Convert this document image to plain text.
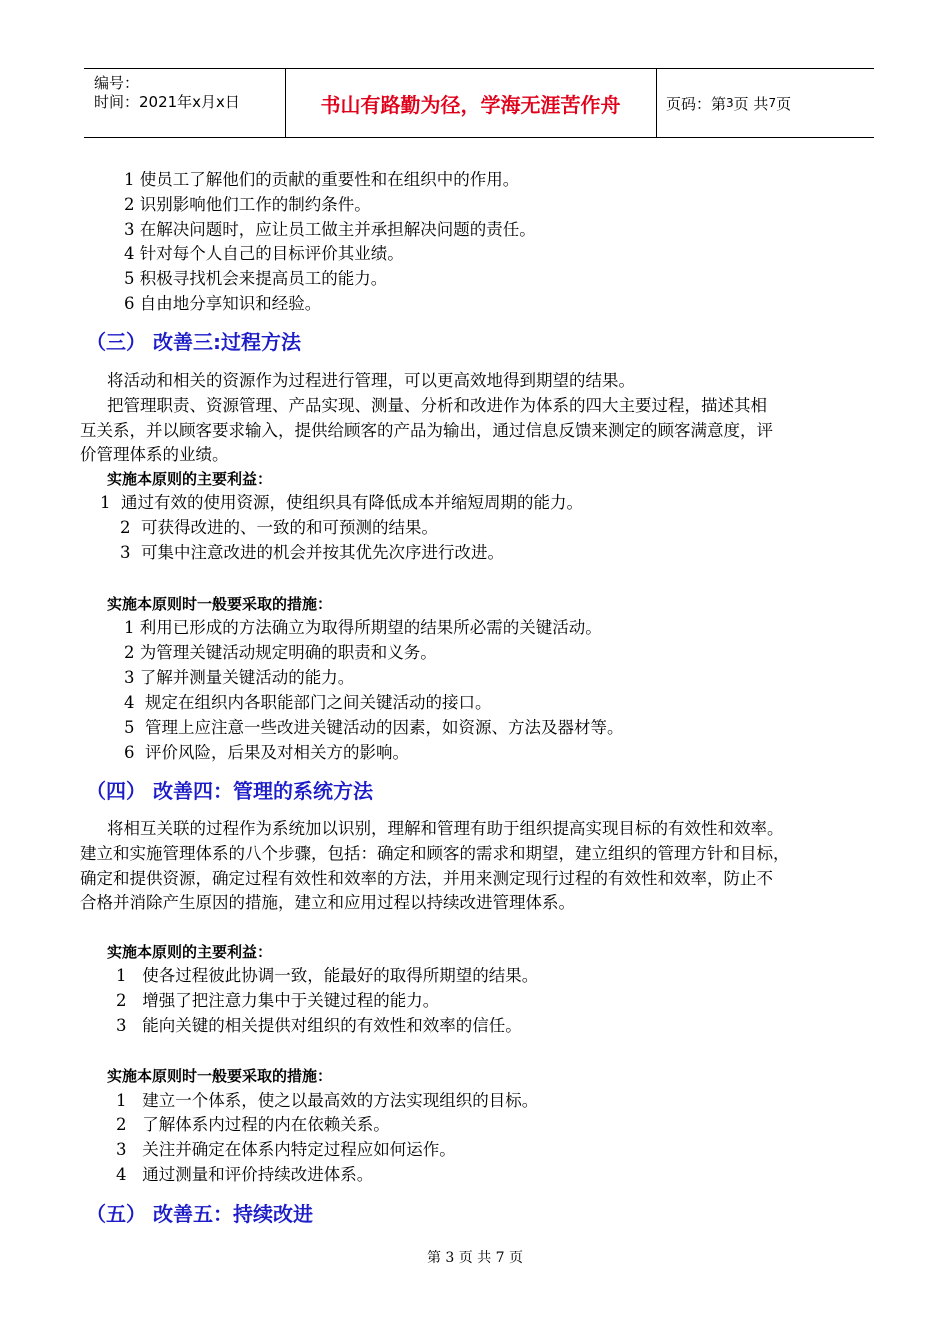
编号：
时间：2021年x月x日	书山有路勤为径，学海无涯苦作舟	页码：第 3 页 共 7 页
1 使员工了解他们的贡献的重要性和在组织中的作用。
2 识别影响他们工作的制约条件。
3 在解决问题时，应让员工做主并承担解决问题的责任。
4 针对每个人自己的目标评价其业绩。
5 积极寻找机会来提高员工的能力。
6 自由地分享知识和经验。
（三） 改善三:过程方法
将活动和相关的资源作为过程进行管理，可以更高效地得到期望的结果。
把管理职责、资源管理、产品实现、测量、分析和改进作为体系的四大主要过程，描述其相
互关系，并以顾客要求输入，提供给顾客的产品为输出，通过信息反馈来测定的顾客满意度，评
价管理体系的业绩。
实施本原则的主要利益：
1 通过有效的使用资源，使组织具有降低成本并缩短周期的能力。
2 可获得改进的、一致的和可预测的结果。
3 可集中注意改进的机会并按其优先次序进行改进。
实施本原则时一般要采取的措施：
1 利用已形成的方法确立为取得所期望的结果所必需的关键活动。
2 为管理关键活动规定明确的职责和义务。
3 了解并测量关键活动的能力。
4 规定在组织内各职能部门之间关键活动的接口。
5 管理上应注意一些改进关键活动的因素，如资源、方法及器材等。
6 评价风险，后果及对相关方的影响。
（四） 改善四：管理的系统方法
将相互关联的过程作为系统加以识别，理解和管理有助于组织提高实现目标的有效性和效率。
建立和实施管理体系的八个步骤，包括：确定和顾客的需求和期望，建立组织的管理方针和目标，
确定和提供资源，确定过程有效性和效率的方法，并用来测定现行过程的有效性和效率，防止不
合格并消除产生原因的措施，建立和应用过程以持续改进管理体系。
实施本原则的主要利益：
1 使各过程彼此协调一致，能最好的取得所期望的结果。
2 增强了把注意力集中于关键过程的能力。
3 能向关键的相关提供对组织的有效性和效率的信任。
实施本原则时一般要采取的措施：
1 建立一个体系，使之以最高效的方法实现组织的目标。
2 了解体系内过程的内在依赖关系。
3 关注并确定在体系内特定过程应如何运作。
4 通过测量和评价持续改进体系。
（五） 改善五：持续改进
第 3 页 共 7 页
